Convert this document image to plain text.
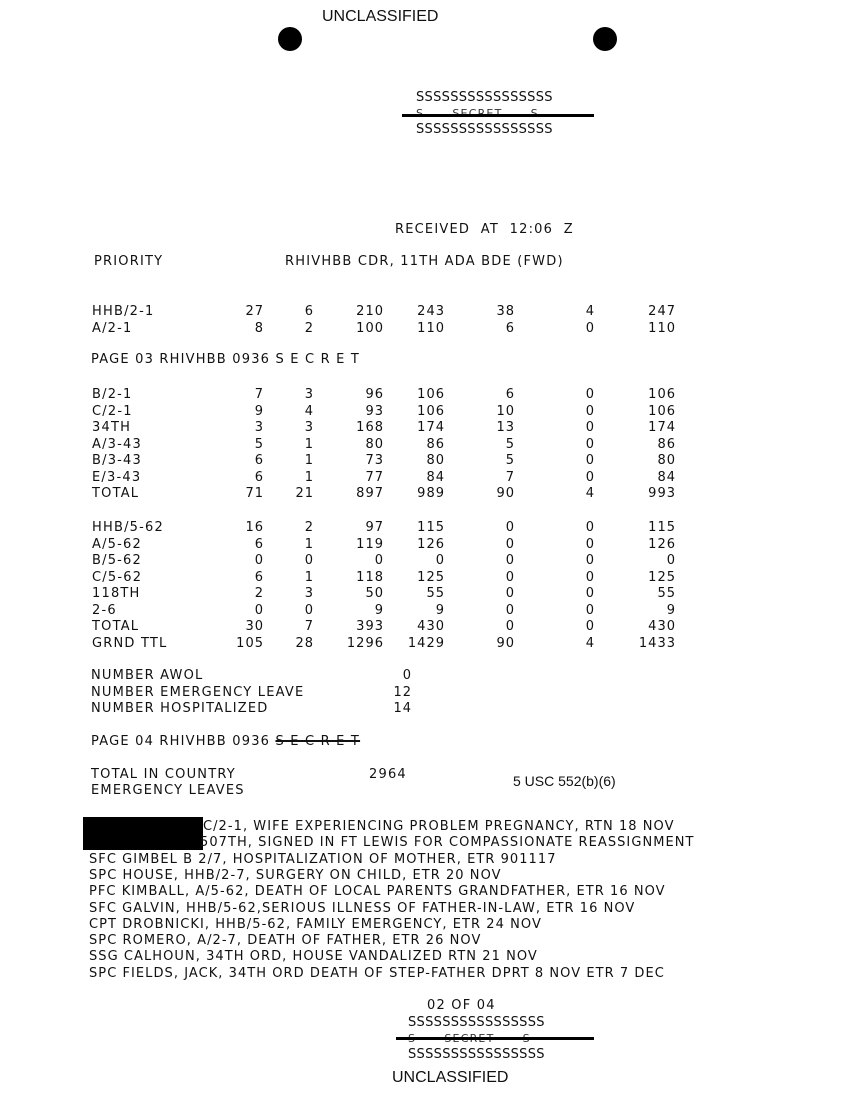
UNCLASSIFIED
SSSSSSSSSSSSSSSS
SSSSSSSSSSSSSSSS
RECEIVED  AT  12:06  Z
PRIORITY	RHIVHBB CDR, 11TH ADA BDE (FWD)
HHB/2-1	27	6	210	243	38	4	247
A/2-1	8	2	100	110	6	0	110
B/2-1	7	3	96	106	6	0	106
C/2-1	9	4	93	106	10	0	106
34TH	3	3	168	174	13	0	174
A/3-43	5	1	80	86	5	0	86
B/3-43	6	1	73	80	5	0	80
E/3-43	6	1	77	84	7	0	84
TOTAL	71	21	897	989	90	4	993
HHB/5-62	16	2	97	115	0	0	115
A/5-62	6	1	119	126	0	0	126
B/5-62	0	0	0	0	0	0	0
C/5-62	6	1	118	125	0	0	125
118TH	2	3	50	55	0	0	55
2-6	0	0	9	9	0	0	9
TOTAL	30	7	393	430	0	0	430
GRND TTL	105	28	1296	1429	90	4	1433
PAGE 03 RHIVHBB 0936 S E C R E T
NUMBER AWOL	0
NUMBER EMERGENCY LEAVE	12
NUMBER HOSPITALIZED	14
PAGE 04 RHIVHBB 0936 S E C R E T
TOTAL IN COUNTRY	2964
EMERGENCY LEAVES
5 USC 552(b)(6)
C/2-1, WIFE EXPERIENCING PROBLEM PREGNANCY, RTN 18 NOV
507TH, SIGNED IN FT LEWIS FOR COMPASSIONATE REASSIGNMENT
SFC GIMBEL B 2/7, HOSPITALIZATION OF MOTHER, ETR 901117
SPC HOUSE, HHB/2-7, SURGERY ON CHILD, ETR 20 NOV
PFC KIMBALL, A/5-62, DEATH OF LOCAL PARENTS GRANDFATHER, ETR 16 NOV
SFC GALVIN, HHB/5-62,SERIOUS ILLNESS OF FATHER-IN-LAW, ETR 16 NOV
CPT DROBNICKI, HHB/5-62, FAMILY EMERGENCY, ETR 24 NOV
SPC ROMERO, A/2-7, DEATH OF FATHER, ETR 26 NOV
SSG CALHOUN, 34TH ORD, HOUSE VANDALIZED RTN 21 NOV
SPC FIELDS, JACK, 34TH ORD DEATH OF STEP-FATHER DPRT 8 NOV ETR 7 DEC
02 OF 04
SSSSSSSSSSSSSSSS
SSSSSSSSSSSSSSSS
UNCLASSIFIED
